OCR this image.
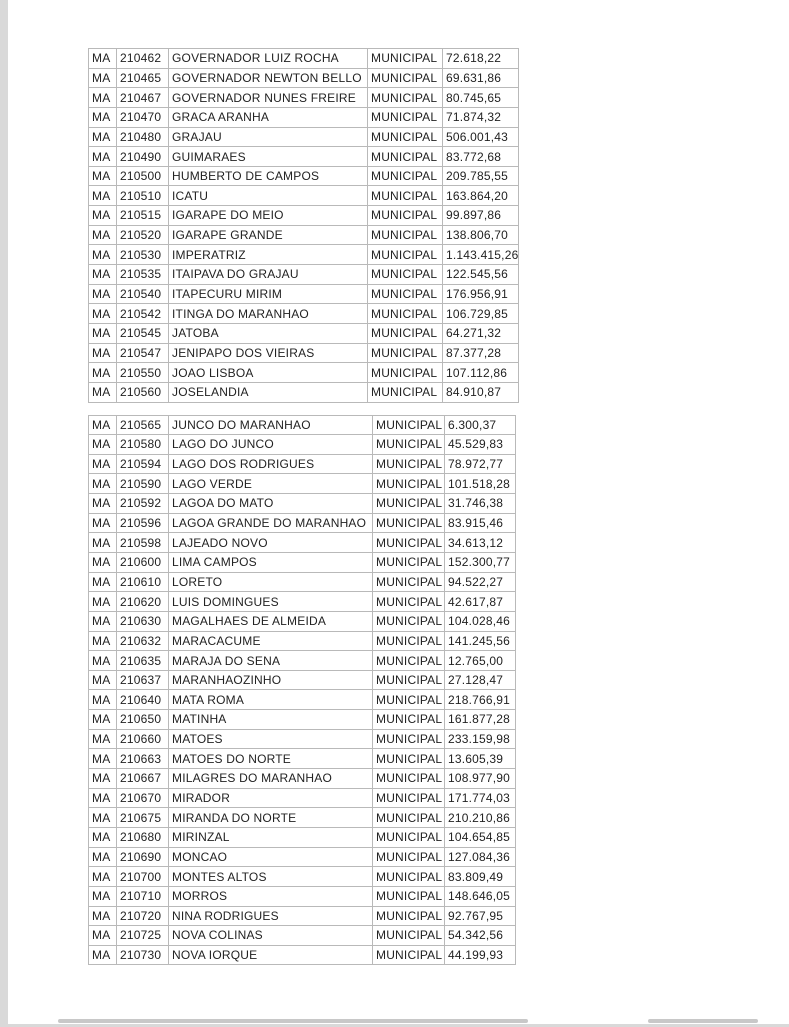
MA	210462	GOVERNADOR LUIZ ROCHA	MUNICIPAL	72.618,22
MA	210465	GOVERNADOR NEWTON BELLO	MUNICIPAL	69.631,86
MA	210467	GOVERNADOR NUNES FREIRE	MUNICIPAL	80.745,65
MA	210470	GRACA ARANHA	MUNICIPAL	71.874,32
MA	210480	GRAJAU	MUNICIPAL	506.001,43
MA	210490	GUIMARAES	MUNICIPAL	83.772,68
MA	210500	HUMBERTO DE CAMPOS	MUNICIPAL	209.785,55
MA	210510	ICATU	MUNICIPAL	163.864,20
MA	210515	IGARAPE DO MEIO	MUNICIPAL	99.897,86
MA	210520	IGARAPE GRANDE	MUNICIPAL	138.806,70
MA	210530	IMPERATRIZ	MUNICIPAL	1.143.415,26
MA	210535	ITAIPAVA DO GRAJAU	MUNICIPAL	122.545,56
MA	210540	ITAPECURU MIRIM	MUNICIPAL	176.956,91
MA	210542	ITINGA DO MARANHAO	MUNICIPAL	106.729,85
MA	210545	JATOBA	MUNICIPAL	64.271,32
MA	210547	JENIPAPO DOS VIEIRAS	MUNICIPAL	87.377,28
MA	210550	JOAO LISBOA	MUNICIPAL	107.112,86
MA	210560	JOSELANDIA	MUNICIPAL	84.910,87
MA	210565	JUNCO DO MARANHAO	MUNICIPAL	6.300,37
MA	210580	LAGO DO JUNCO	MUNICIPAL	45.529,83
MA	210594	LAGO DOS RODRIGUES	MUNICIPAL	78.972,77
MA	210590	LAGO VERDE	MUNICIPAL	101.518,28
MA	210592	LAGOA DO MATO	MUNICIPAL	31.746,38
MA	210596	LAGOA GRANDE DO MARANHAO	MUNICIPAL	83.915,46
MA	210598	LAJEADO NOVO	MUNICIPAL	34.613,12
MA	210600	LIMA CAMPOS	MUNICIPAL	152.300,77
MA	210610	LORETO	MUNICIPAL	94.522,27
MA	210620	LUIS DOMINGUES	MUNICIPAL	42.617,87
MA	210630	MAGALHAES DE ALMEIDA	MUNICIPAL	104.028,46
MA	210632	MARACACUME	MUNICIPAL	141.245,56
MA	210635	MARAJA DO SENA	MUNICIPAL	12.765,00
MA	210637	MARANHAOZINHO	MUNICIPAL	27.128,47
MA	210640	MATA ROMA	MUNICIPAL	218.766,91
MA	210650	MATINHA	MUNICIPAL	161.877,28
MA	210660	MATOES	MUNICIPAL	233.159,98
MA	210663	MATOES DO NORTE	MUNICIPAL	13.605,39
MA	210667	MILAGRES DO MARANHAO	MUNICIPAL	108.977,90
MA	210670	MIRADOR	MUNICIPAL	171.774,03
MA	210675	MIRANDA DO NORTE	MUNICIPAL	210.210,86
MA	210680	MIRINZAL	MUNICIPAL	104.654,85
MA	210690	MONCAO	MUNICIPAL	127.084,36
MA	210700	MONTES ALTOS	MUNICIPAL	83.809,49
MA	210710	MORROS	MUNICIPAL	148.646,05
MA	210720	NINA RODRIGUES	MUNICIPAL	92.767,95
MA	210725	NOVA COLINAS	MUNICIPAL	54.342,56
MA	210730	NOVA IORQUE	MUNICIPAL	44.199,93
